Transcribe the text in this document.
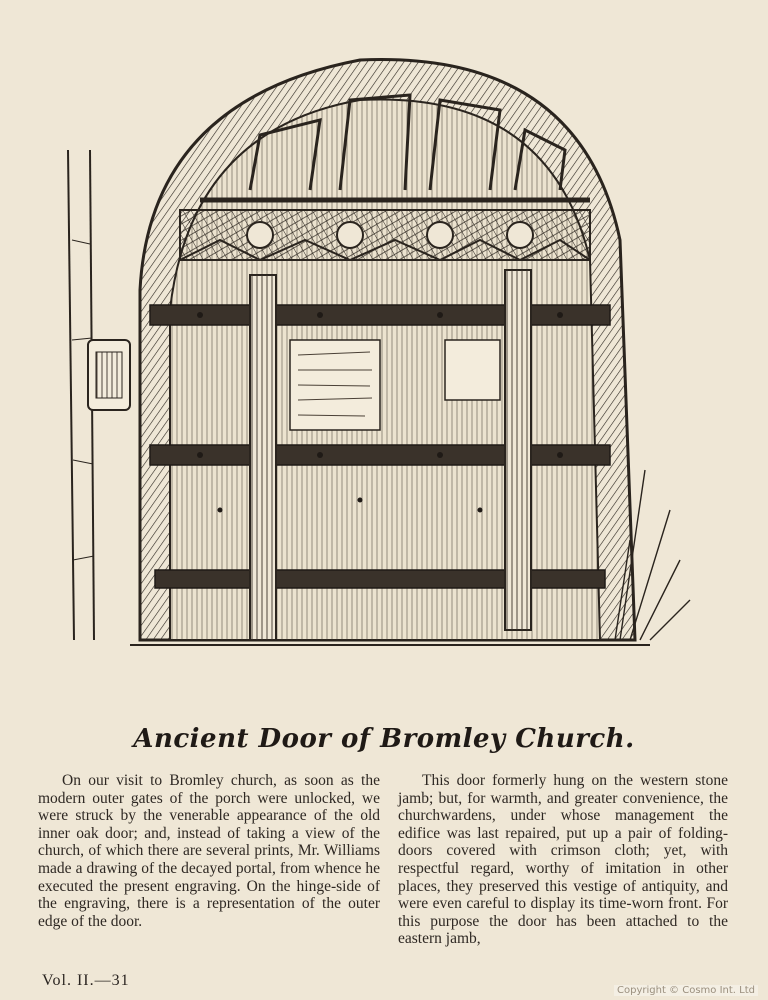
Ancient Door of Bromley Church.

On our visit to Bromley church, as soon as the modern outer gates of the porch were unlocked, we were struck by the venerable appearance of the old inner oak door; and, instead of taking a view of the church, of which there are several prints, Mr. Williams made a drawing of the decayed portal, from whence he executed the present engraving. On the hinge-side of the engraving, there is a representation of the outer edge of the door.

This door formerly hung on the western stone jamb; but, for warmth, and greater convenience, the churchwardens, under whose management the edifice was last repaired, put up a pair of folding-doors covered with crimson cloth; yet, with respectful regard, worthy of imitation in other places, they preserved this vestige of antiquity, and were even careful to display its time-worn front. For this purpose the door has been attached to the eastern jamb,

Vol. II.—31
Copyright © Cosmo Int. Ltd
